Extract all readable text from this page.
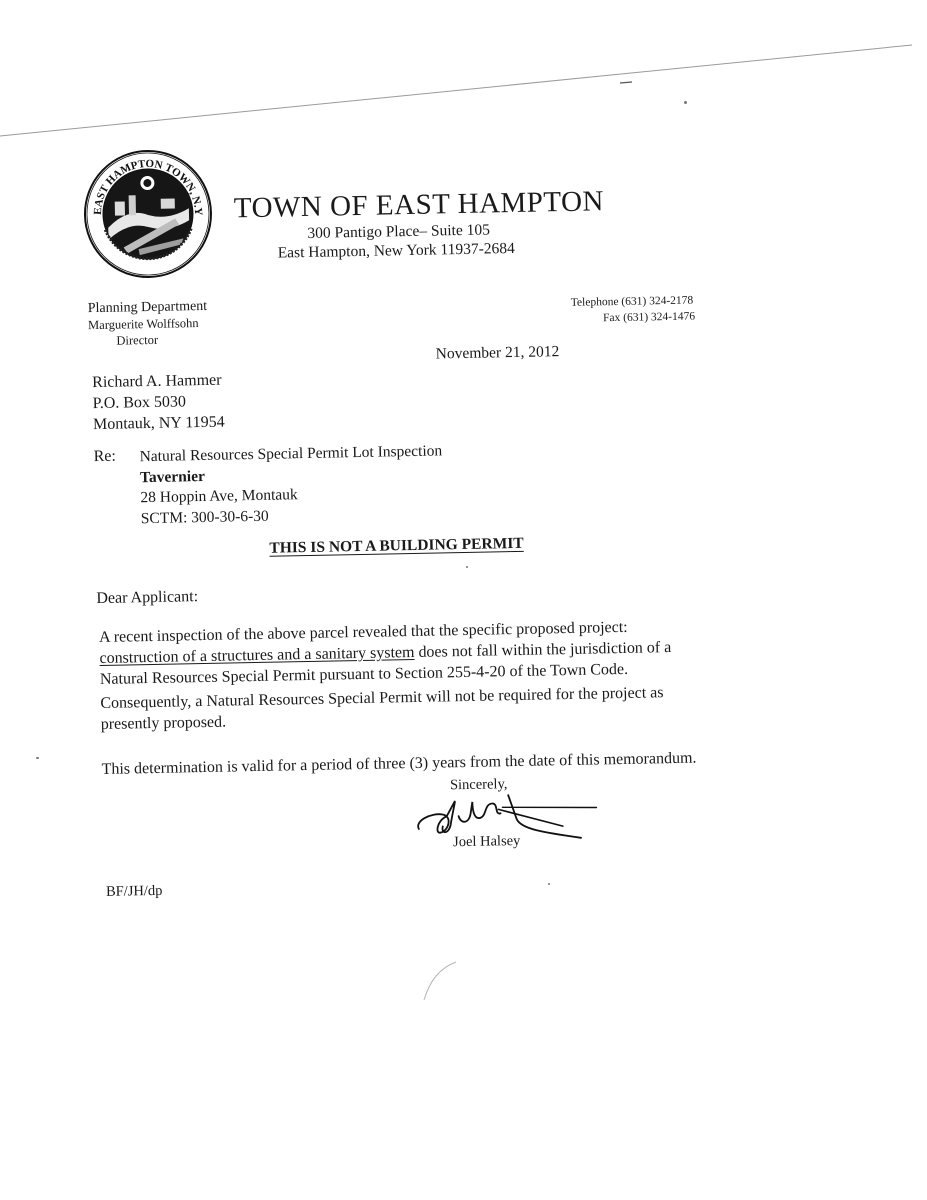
EAST HAMPTON TOWN, N.Y.
TOWN OF EAST HAMPTON
300 Pantigo Place– Suite 105
East Hampton, New York 11937-2684
Planning Department
Marguerite Wolffsohn
Director
Telephone (631) 324-2178
Fax (631) 324-1476
November 21, 2012
Richard A. Hammer
P.O. Box 5030
Montauk, NY 11954
Re: Natural Resources Special Permit Lot Inspection
Tavernier
28 Hoppin Ave, Montauk
SCTM: 300-30-6-30
THIS IS NOT A BUILDING PERMIT
Dear Applicant:
A recent inspection of the above parcel revealed that the specific proposed project:
construction of a structures and a sanitary system does not fall within the jurisdiction of a
Natural Resources Special Permit pursuant to Section 255-4-20 of the Town Code.
Consequently, a Natural Resources Special Permit will not be required for the project as
presently proposed.
This determination is valid for a period of three (3) years from the date of this memorandum.
Sincerely,
Joel Halsey
BF/JH/dp
